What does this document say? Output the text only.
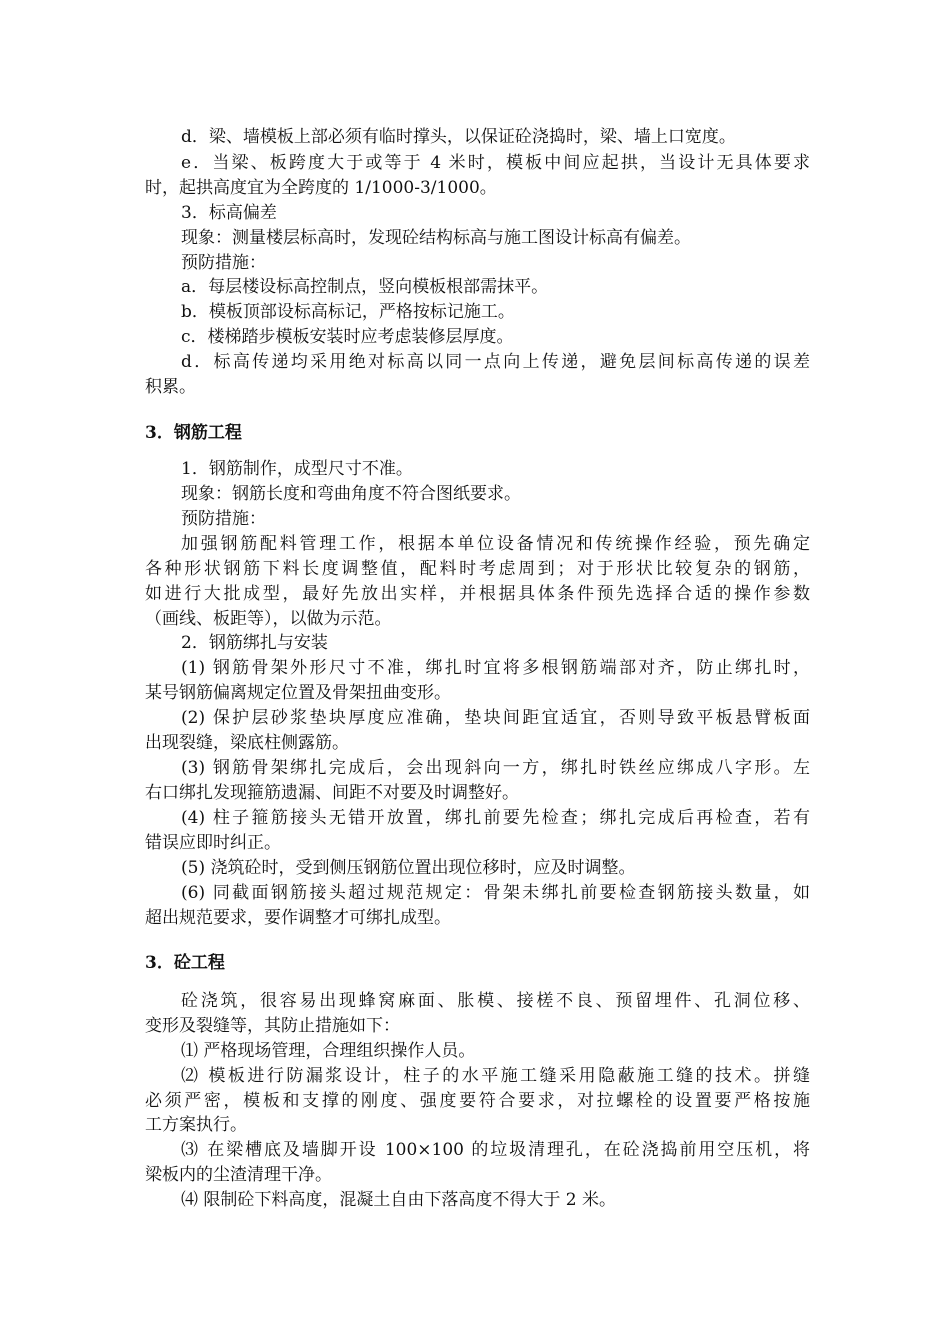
d．梁、墙模板上部必须有临时撑头，以保证砼浇捣时，梁、墙上口宽度。
e．当梁、板跨度大于或等于 4 米时，模板中间应起拱，当设计无具体要求
时，起拱高度宜为全跨度的 1/1000-3/1000。
3．标高偏差
现象：测量楼层标高时，发现砼结构标高与施工图设计标高有偏差。
预防措施：
a．每层楼设标高控制点，竖向模板根部需抹平。
b．模板顶部设标高标记，严格按标记施工。
c．楼梯踏步模板安装时应考虑装修层厚度。
d．标高传递均采用绝对标高以同一点向上传递，避免层间标高传递的误差
积累。
3．钢筋工程
1．钢筋制作，成型尺寸不准。
现象：钢筋长度和弯曲角度不符合图纸要求。
预防措施：
加强钢筋配料管理工作，根据本单位设备情况和传统操作经验，预先确定
各种形状钢筋下料长度调整值，配料时考虑周到；对于形状比较复杂的钢筋，
如进行大批成型，最好先放出实样，并根据具体条件预先选择合适的操作参数
（画线、板距等），以做为示范。
2．钢筋绑扎与安装
(1) 钢筋骨架外形尺寸不准，绑扎时宜将多根钢筋端部对齐，防止绑扎时，
某号钢筋偏离规定位置及骨架扭曲变形。
(2) 保护层砂浆垫块厚度应准确，垫块间距宜适宜，否则导致平板悬臂板面
出现裂缝，梁底柱侧露筋。
(3) 钢筋骨架绑扎完成后，会出现斜向一方，绑扎时铁丝应绑成八字形。左
右口绑扎发现箍筋遗漏、间距不对要及时调整好。
(4) 柱子箍筋接头无错开放置，绑扎前要先检查；绑扎完成后再检查，若有
错误应即时纠正。
(5) 浇筑砼时，受到侧压钢筋位置出现位移时，应及时调整。
(6) 同截面钢筋接头超过规范规定：骨架未绑扎前要检查钢筋接头数量，如
超出规范要求，要作调整才可绑扎成型。
3．砼工程
砼浇筑，很容易出现蜂窝麻面、胀模、接槎不良、预留埋件、孔洞位移、
变形及裂缝等，其防止措施如下：
⑴ 严格现场管理，合理组织操作人员。
⑵ 模板进行防漏浆设计，柱子的水平施工缝采用隐蔽施工缝的技术。拼缝
必须严密，模板和支撑的刚度、强度要符合要求，对拉螺栓的设置要严格按施
工方案执行。
⑶ 在梁槽底及墙脚开设 100×100 的垃圾清理孔，在砼浇捣前用空压机，将
梁板内的尘渣清理干净。
⑷ 限制砼下料高度，混凝土自由下落高度不得大于 2 米。
